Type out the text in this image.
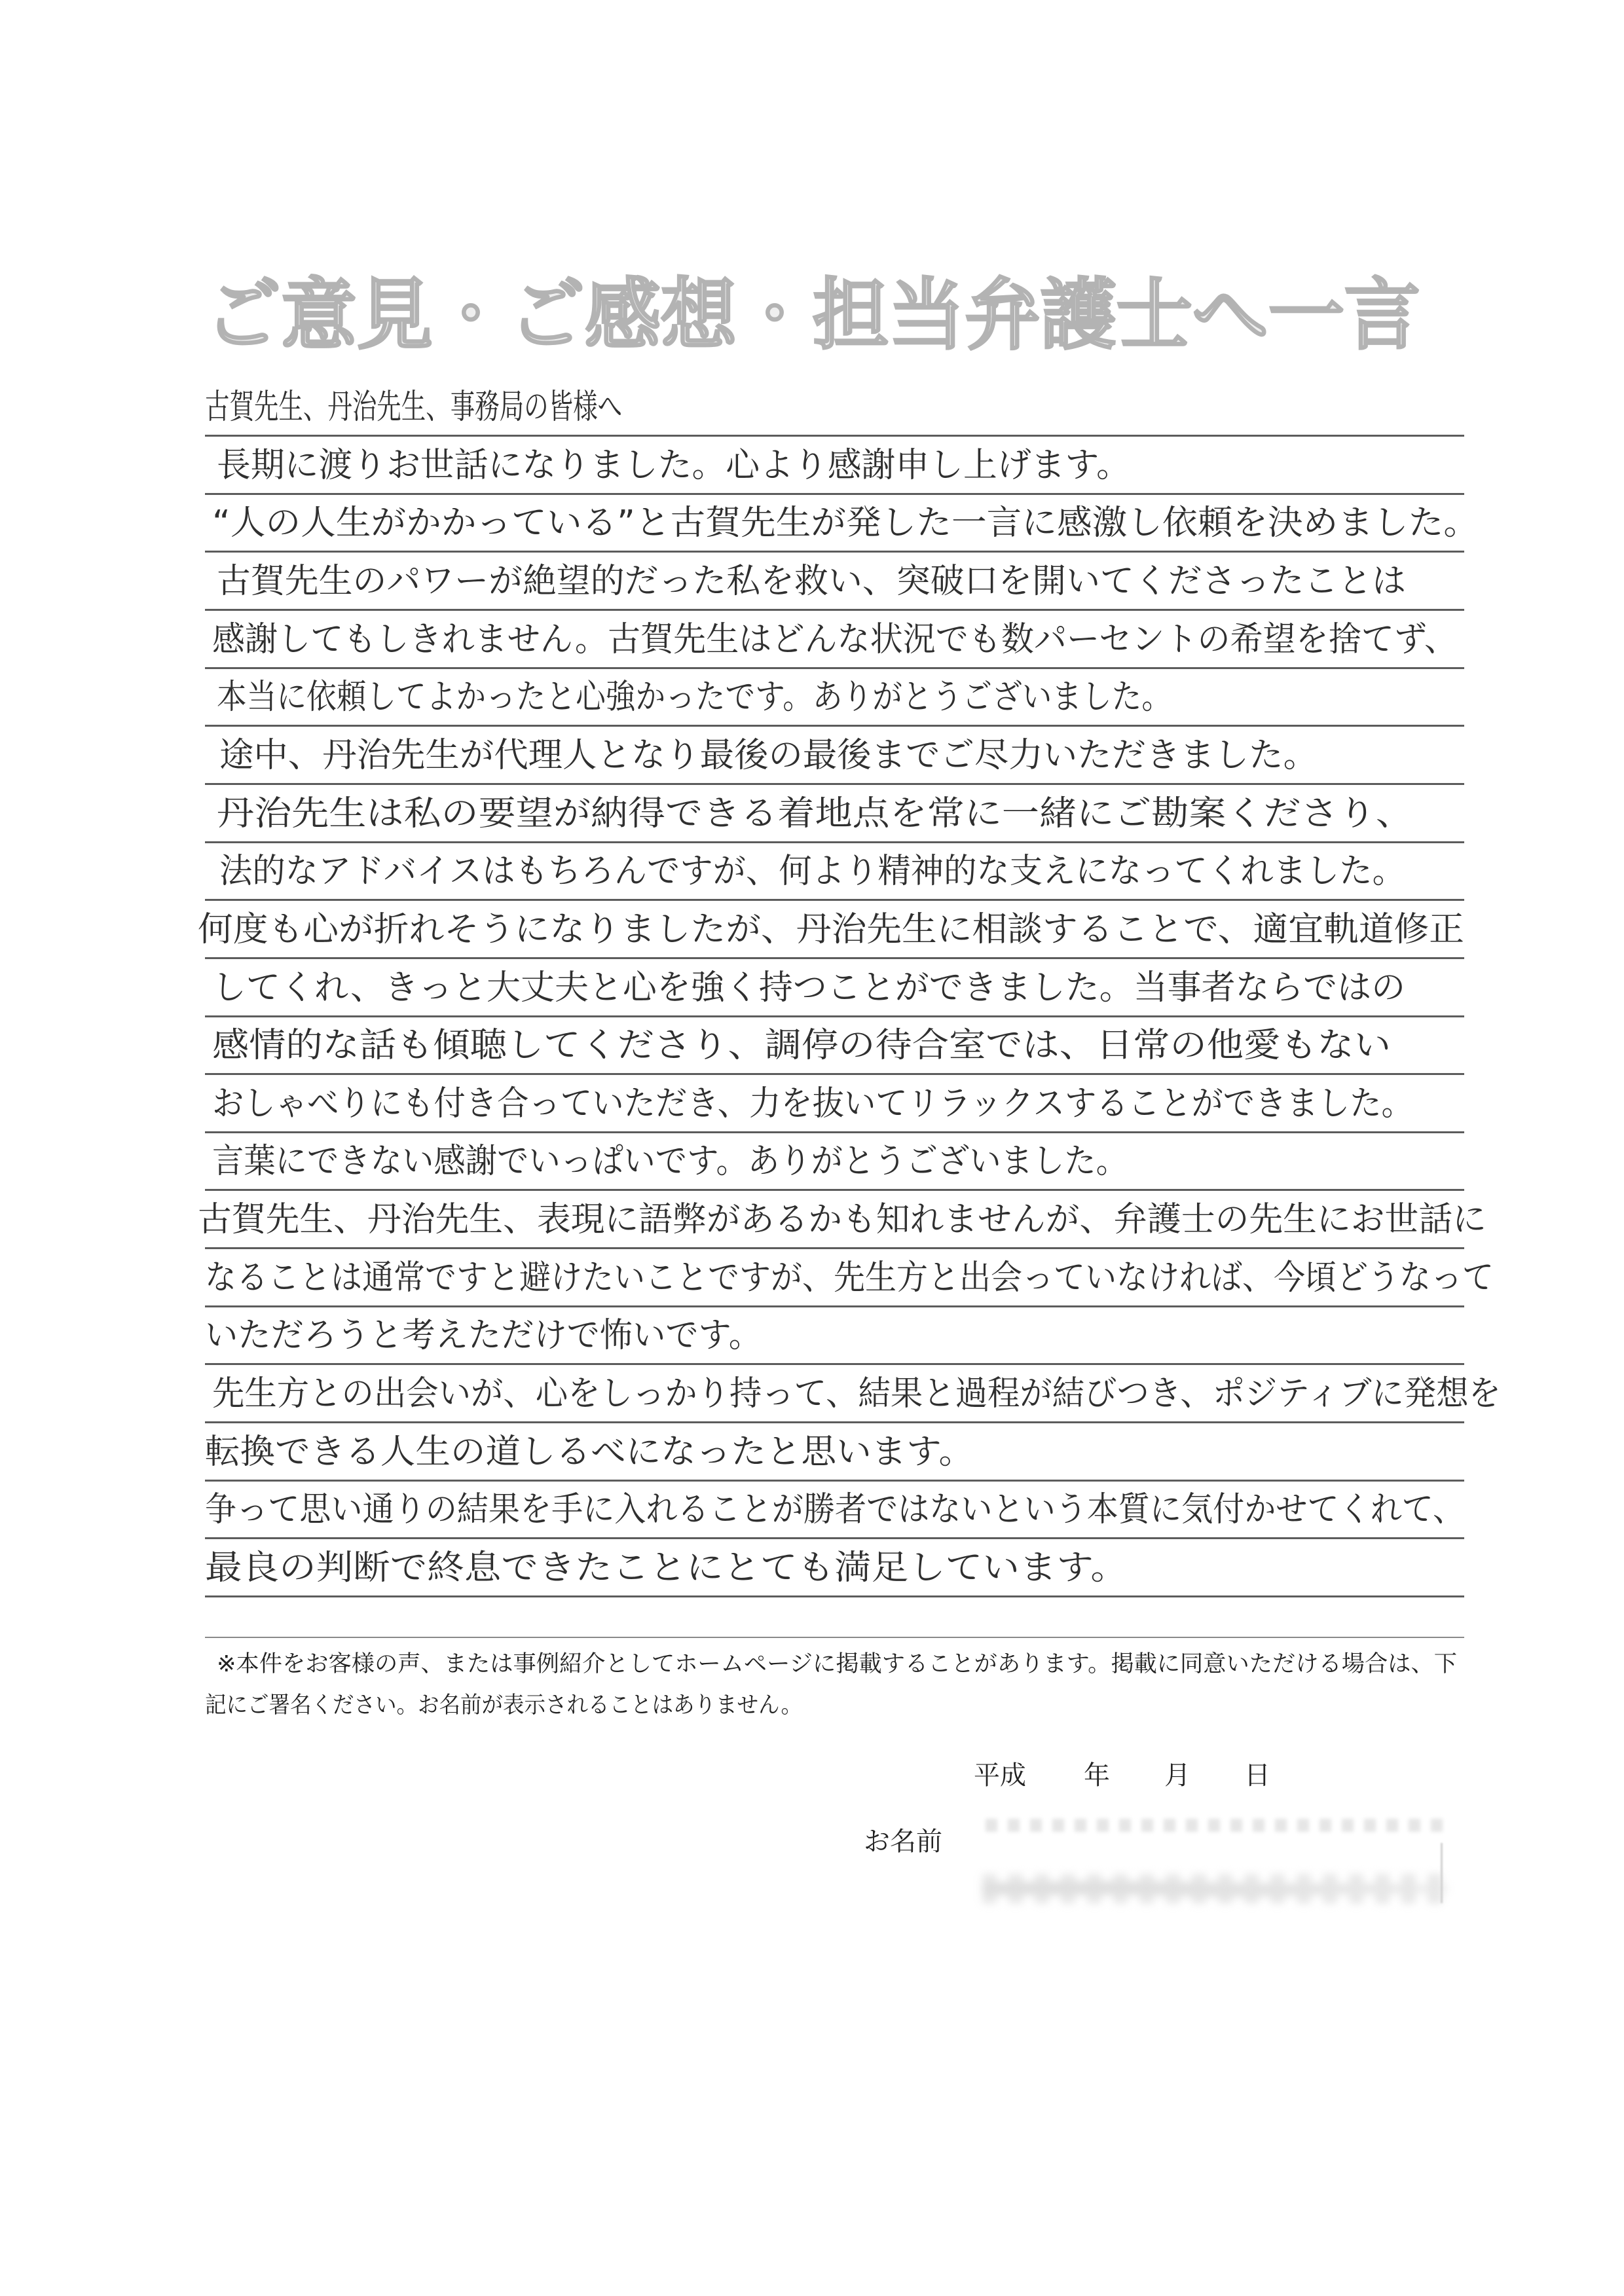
ご意見・ご感想・担当弁護士へ一言
古賀先生、丹治先生、事務局の皆様へ
長期に渡りお世話になりました。心より感謝申し上げます。
“人の人生がかかっている”と古賀先生が発した一言に感激し依頼を決めました。
古賀先生のパワーが絶望的だった私を救い、突破口を開いてくださったことは
感謝してもしきれません。古賀先生はどんな状況でも数パーセントの希望を捨てず、
本当に依頼してよかったと心強かったです。ありがとうございました。
途中、丹治先生が代理人となり最後の最後までご尽力いただきました。
丹治先生は私の要望が納得できる着地点を常に一緒にご勘案くださり、
法的なアドバイスはもちろんですが、何より精神的な支えになってくれました。
何度も心が折れそうになりましたが、丹治先生に相談することで、適宜軌道修正
してくれ、きっと大丈夫と心を強く持つことができました。当事者ならではの
感情的な話も傾聴してくださり、調停の待合室では、日常の他愛もない
おしゃべりにも付き合っていただき、力を抜いてリラックスすることができました。
言葉にできない感謝でいっぱいです。ありがとうございました。
古賀先生、丹治先生、表現に語弊があるかも知れませんが、弁護士の先生にお世話に
なることは通常ですと避けたいことですが、先生方と出会っていなければ、今頃どうなって
いただろうと考えただけで怖いです。
先生方との出会いが、心をしっかり持って、結果と過程が結びつき、ポジティブに発想を
転換できる人生の道しるべになったと思います。
争って思い通りの結果を手に入れることが勝者ではないという本質に気付かせてくれて、
最良の判断で終息できたことにとても満足しています。
※本件をお客様の声、または事例紹介としてホームページに掲載することがあります。掲載に同意いただける場合は、下
記にご署名ください。お名前が表示されることはありません。
平成 年 月 日
お名前
